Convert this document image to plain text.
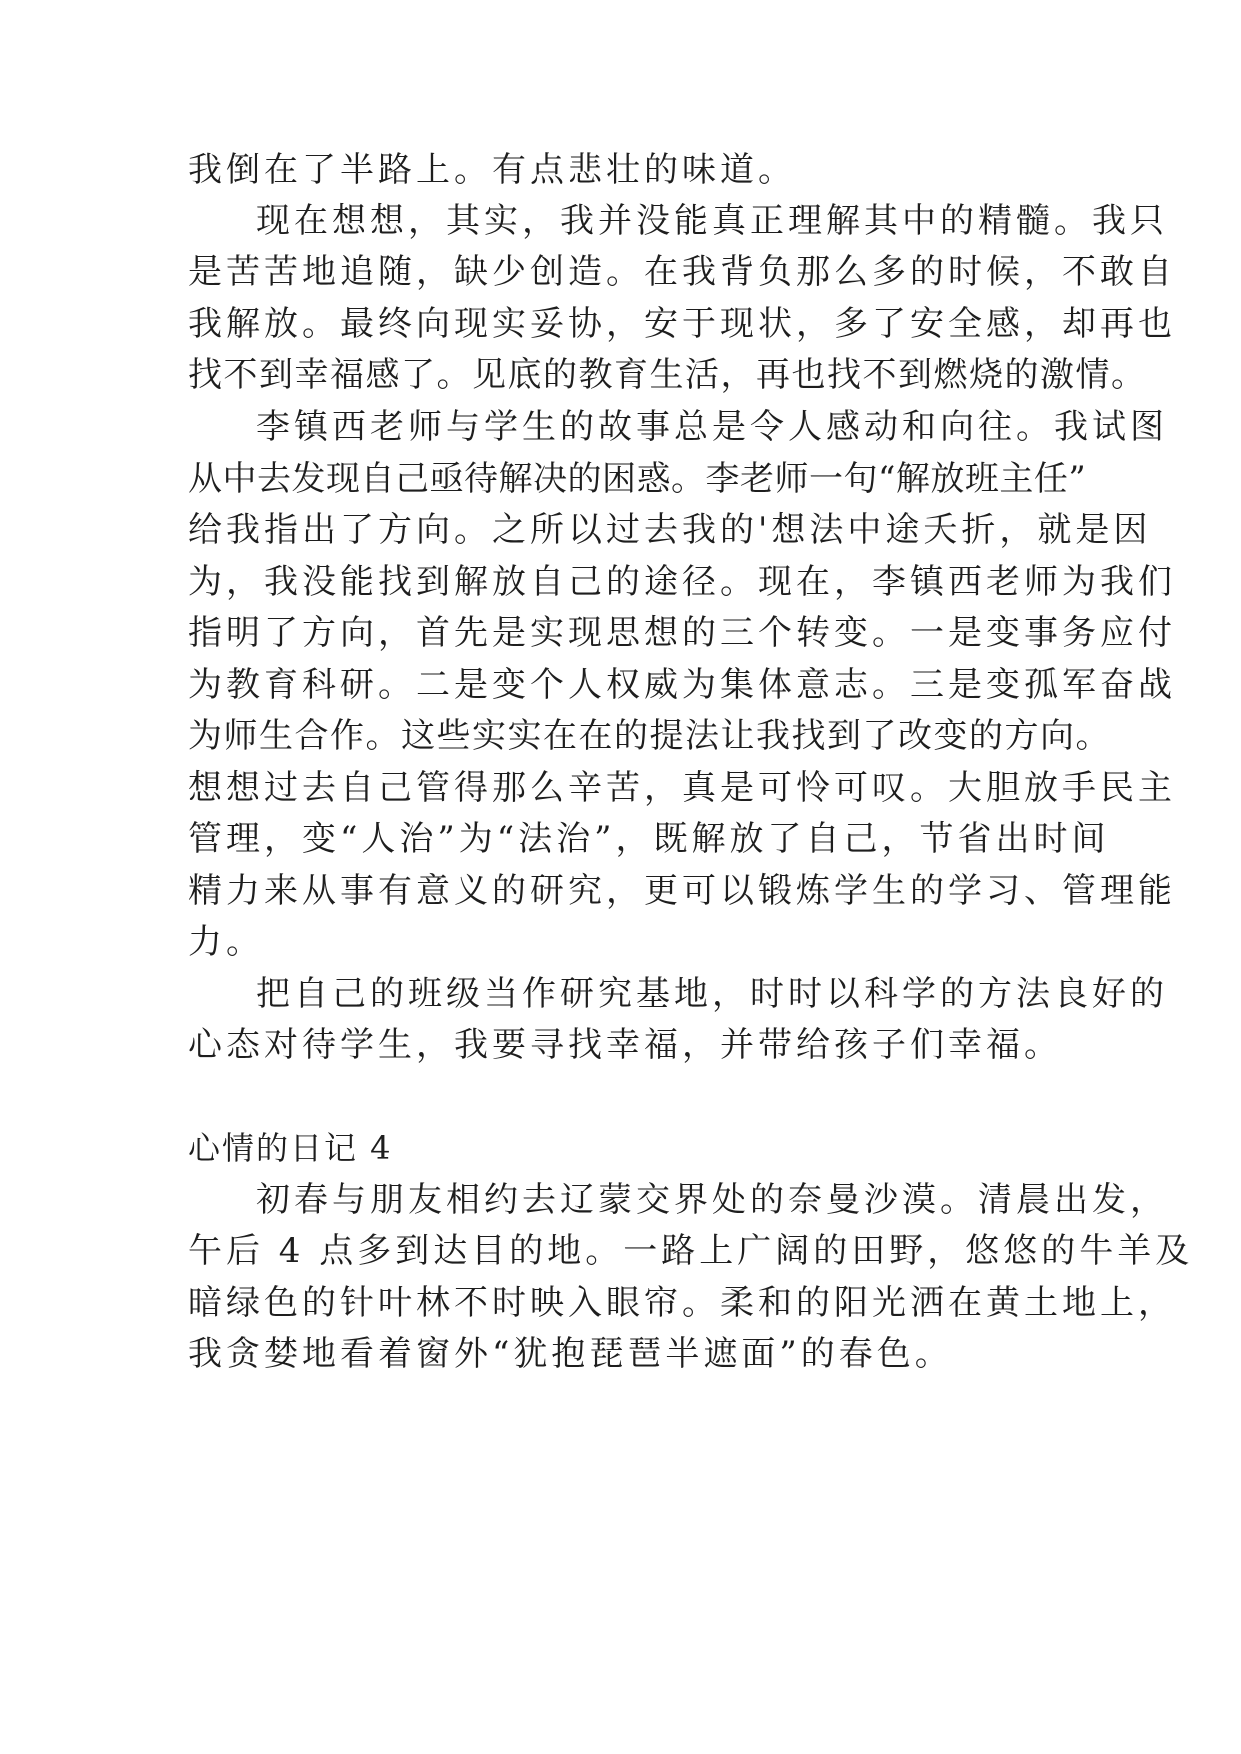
我倒在了半路上。有点悲壮的味道。

现在想想，其实，我并没能真正理解其中的精髓。我只

是苦苦地追随，缺少创造。在我背负那么多的时候，不敢自

我解放。最终向现实妥协，安于现状，多了安全感，却再也

找不到幸福感了。见底的教育生活，再也找不到燃烧的激情。

李镇西老师与学生的故事总是令人感动和向往。我试图

从中去发现自己亟待解决的困惑。李老师一句“解放班主任”

给我指出了方向。之所以过去我的'想法中途夭折，就是因

为，我没能找到解放自己的途径。现在，李镇西老师为我们

指明了方向，首先是实现思想的三个转变。一是变事务应付

为教育科研。二是变个人权威为集体意志。三是变孤军奋战

为师生合作。这些实实在在的提法让我找到了改变的方向。

想想过去自己管得那么辛苦，真是可怜可叹。大胆放手民主

管理，变“人治”为“法治”，既解放了自己，节省出时间

精力来从事有意义的研究，更可以锻炼学生的学习、管理能

力。

把自己的班级当作研究基地，时时以科学的方法良好的

心态对待学生，我要寻找幸福，并带给孩子们幸福。

心情的日记 4

初春与朋友相约去辽蒙交界处的奈曼沙漠。清晨出发，

午后 4 点多到达目的地。一路上广阔的田野，悠悠的牛羊及

暗绿色的针叶林不时映入眼帘。柔和的阳光洒在黄土地上，

我贪婪地看着窗外“犹抱琵琶半遮面”的春色。
